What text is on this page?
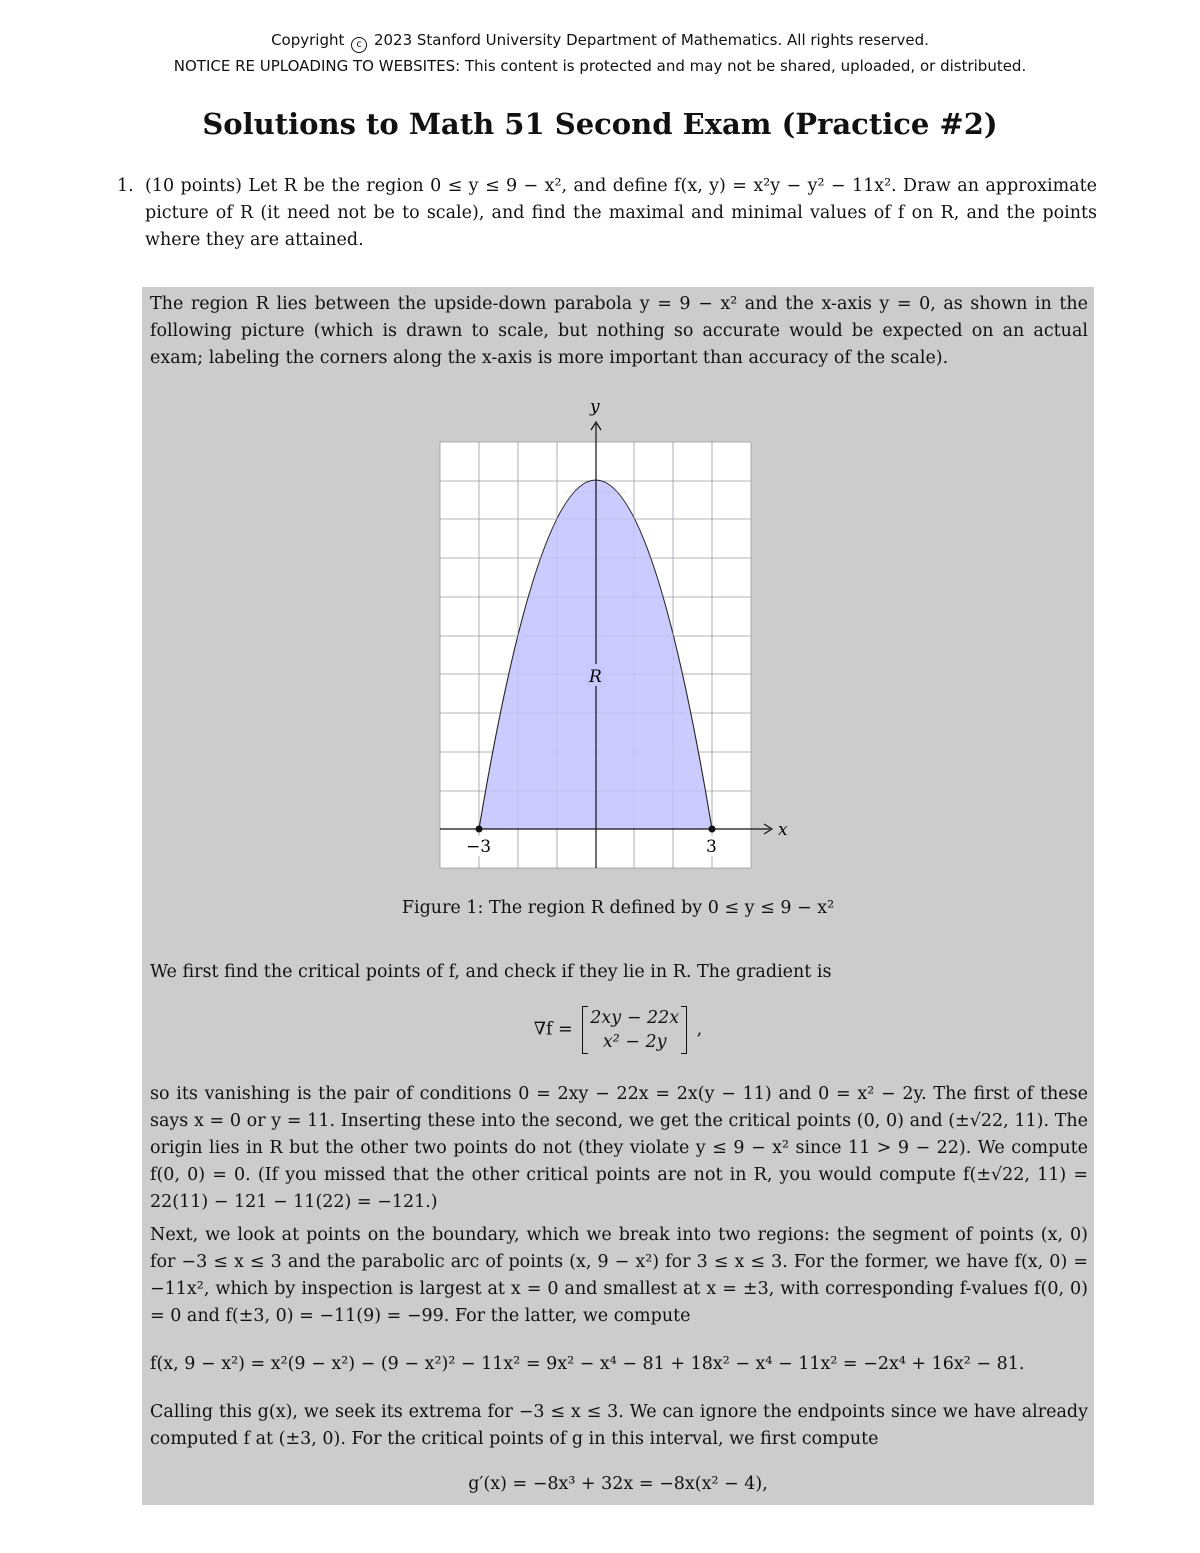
Copyright c 2023 Stanford University Department of Mathematics. All rights reserved.
NOTICE RE UPLOADING TO WEBSITES: This content is protected and may not be shared, uploaded, or distributed.
Solutions to Math 51 Second Exam (Practice #2)
1. (10 points) Let R be the region 0 ≤ y ≤ 9 − x², and define f(x, y) = x²y − y² − 11x². Draw an approximate picture of R (it need not be to scale), and find the maximal and minimal values of f on R, and the points where they are attained.
The region R lies between the upside-down parabola y = 9 − x² and the x-axis y = 0, as shown in the following picture (which is drawn to scale, but nothing so accurate would be expected on an actual exam; labeling the corners along the x-axis is more important than accuracy of the scale).
y
x
R
−3	3
Figure 1: The region R defined by 0 ≤ y ≤ 9 − x²
We first find the critical points of f, and check if they lie in R. The gradient is
∇f =
2xy − 22x
x² − 2y
,
so its vanishing is the pair of conditions 0 = 2xy − 22x = 2x(y − 11) and 0 = x² − 2y. The first of these says x = 0 or y = 11. Inserting these into the second, we get the critical points (0, 0) and (±√22, 11). The origin lies in R but the other two points do not (they violate y ≤ 9 − x² since 11 > 9 − 22). We compute f(0, 0) = 0. (If you missed that the other critical points are not in R, you would compute f(±√22, 11) = 22(11) − 121 − 11(22) = −121.)
Next, we look at points on the boundary, which we break into two regions: the segment of points (x, 0) for −3 ≤ x ≤ 3 and the parabolic arc of points (x, 9 − x²) for 3 ≤ x ≤ 3. For the former, we have f(x, 0) = −11x², which by inspection is largest at x = 0 and smallest at x = ±3, with corresponding f-values f(0, 0) = 0 and f(±3, 0) = −11(9) = −99. For the latter, we compute
f(x, 9 − x²) = x²(9 − x²) − (9 − x²)² − 11x² = 9x² − x⁴ − 81 + 18x² − x⁴ − 11x² = −2x⁴ + 16x² − 81.
Calling this g(x), we seek its extrema for −3 ≤ x ≤ 3. We can ignore the endpoints since we have already computed f at (±3, 0). For the critical points of g in this interval, we first compute
g′(x) = −8x³ + 32x = −8x(x² − 4),
